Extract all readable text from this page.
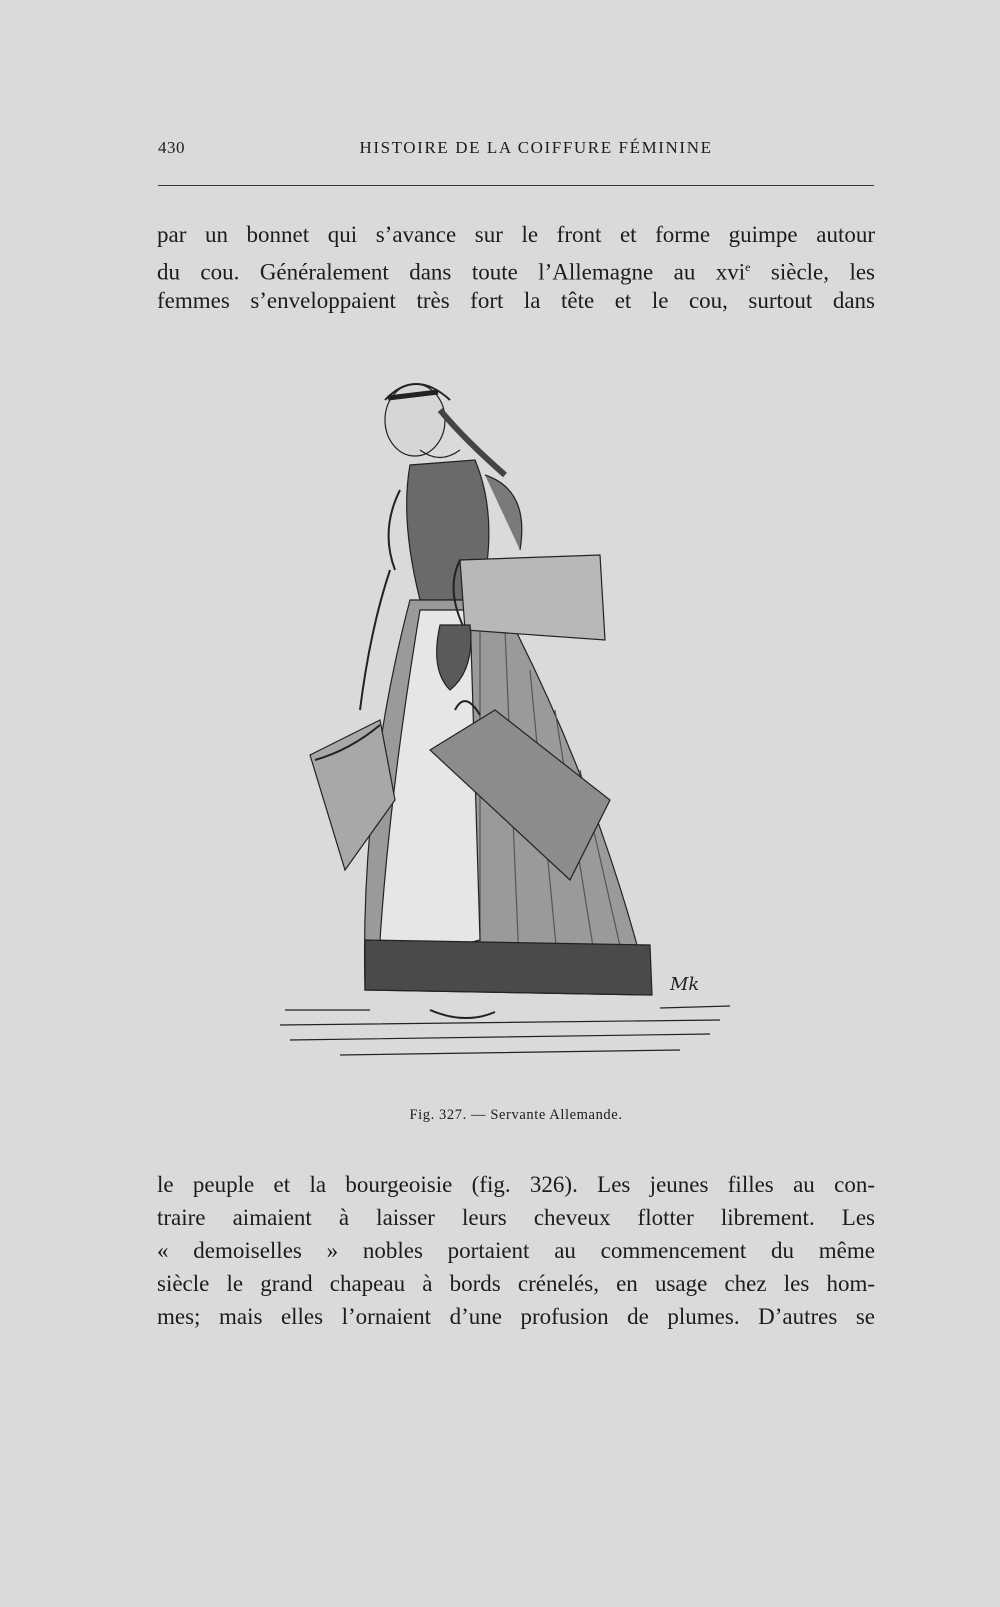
430	HISTOIRE DE LA COIFFURE FÉMININE
par un bonnet qui s’avance sur le front et forme guimpe autour
du cou. Généralement dans toute l’Allemagne au xvi$^e$ siècle, les
femmes s’enveloppaient très fort la tête et le cou, surtout dans
Mk
Fig. 327. — Servante Allemande.
le peuple et la bourgeoisie (fig. 326). Les jeunes filles au con-
traire aimaient à laisser leurs cheveux flotter librement. Les
« demoiselles » nobles portaient au commencement du même
siècle le grand chapeau à bords crénelés, en usage chez les hom-
mes; mais elles l’ornaient d’une profusion de plumes. D’autres se
